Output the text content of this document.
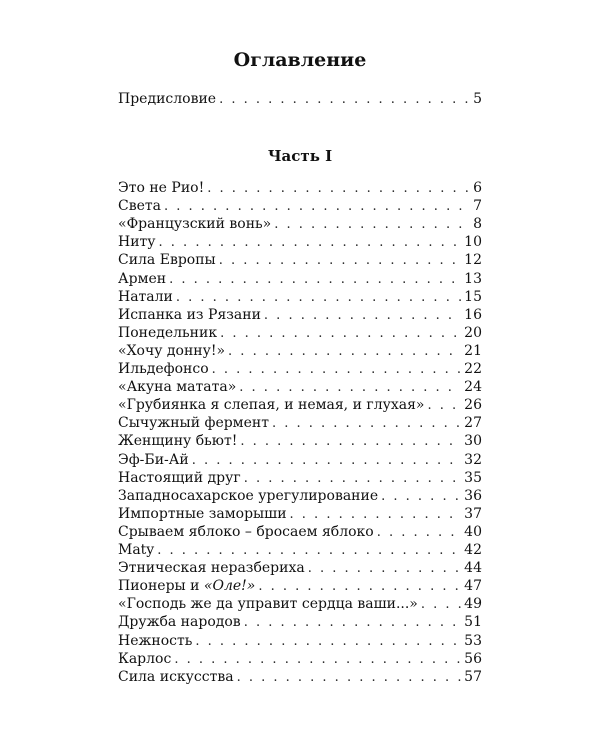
Оглавление
Предисловие . . .	5
Часть I
Это не Рио! . . .	6
Света . . .	7
«Французский вонь» . . .	8
Ниту . . .	10
Сила Европы . . .	12
Армен . . .	13
Натали . . .	15
Испанка из Рязани . . .	16
Понедельник . . .	20
«Хочу донну!» . . .	21
Ильдефонсо . . .	22
«Акуна матата» . . .	24
«Грубиянка я слепая, и немая, и глухая» . . .	26
Сычужный фермент . . .	27
Женщину бьют! . . .	30
Эф-Би-Ай . . .	32
Настоящий друг . . .	35
Западносахарское урегулирование . . .	36
Импортные заморыши . . .	37
Срываем яблоко – бросаем яблоко . . .	40
Maty . . .	42
Этническая неразбериха . . .	44
Пионеры и «Оле!» . . .	47
«Господь же да управит сердца ваши...» . . .	49
Дружба народов . . .	51
Нежность . . .	53
Карлос . . .	56
Сила искусства . . .	57
